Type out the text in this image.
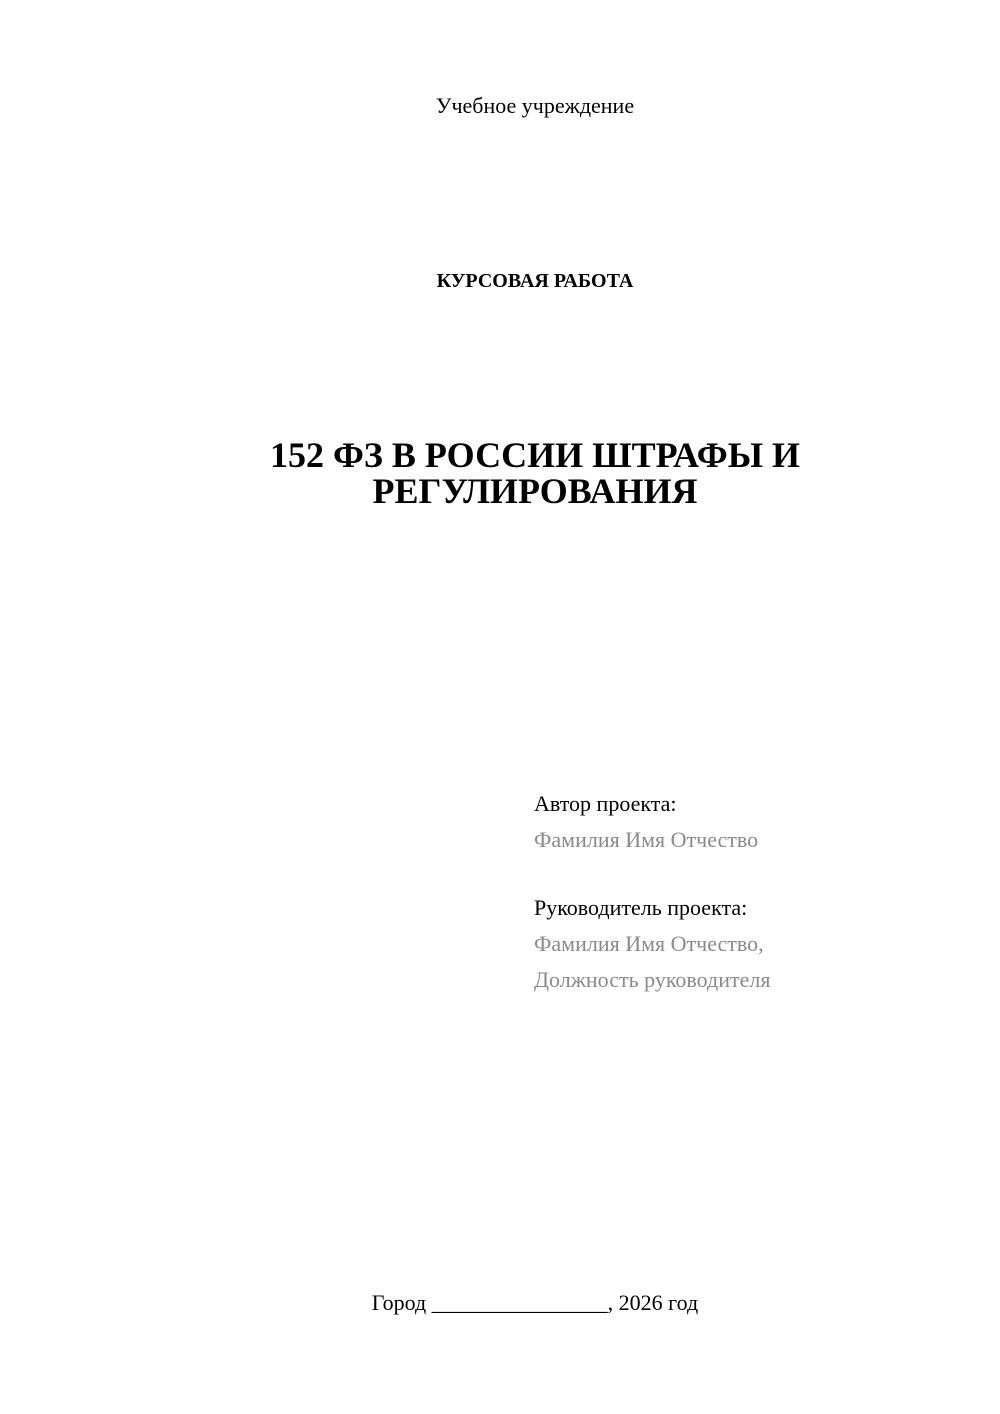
Учебное учреждение
КУРСОВАЯ РАБОТА
152 ФЗ В РОССИИ ШТРАФЫ И
РЕГУЛИРОВАНИЯ
Автор проекта:
Фамилия Имя Отчество
Руководитель проекта:
Фамилия Имя Отчество,
Должность руководителя
Город ________________, 2026 год
